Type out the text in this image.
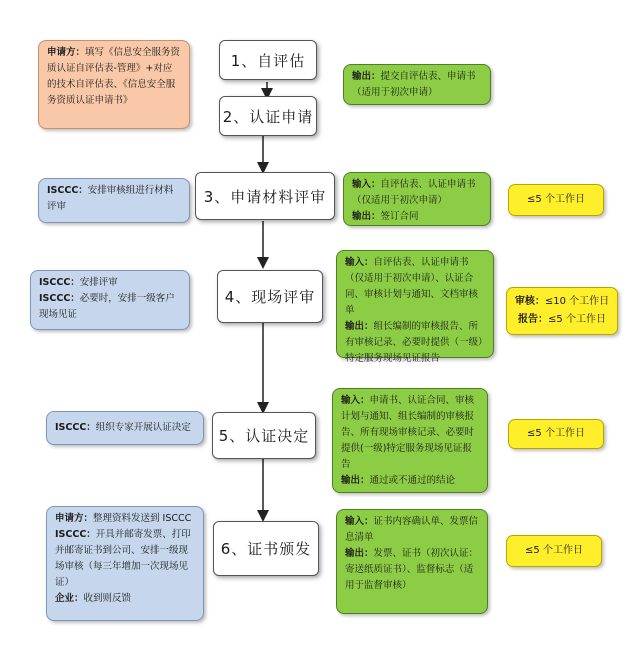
1、自评估
2、认证申请
3、申请材料评审
4、现场评审
5、认证决定
6、证书颁发
申请方：填写《信息安全服务资质认证自评估表-管理》+对应的技术自评估表、《信息安全服务资质认证申请书》
ISCCC：安排审核组进行材料评审
ISCCC：安排评审
ISCCC：必要时，安排一级客户现场见证
ISCCC：组织专家开展认证决定
申请方：整理资料发送到 ISCCC
ISCCC：开具并邮寄发票、打印并邮寄证书到公司、安排一级现场审核（每三年增加一次现场见证）
企业：收到则反馈
输出：提交自评估表、申请书（适用于初次申请）
输入：自评估表、认证申请书（仅适用于初次申请）
输出：签订合同
输入：自评估表、认证申请书（仅适用于初次申请）、认证合同、审核计划与通知、文档审核单
输出：组长编制的审核报告、所有审核记录、必要时提供（一级）特定服务现场见证报告
输入：申请书、认证合同、审核计划与通知、组长编制的审核报告、所有现场审核记录、必要时提供(一级)特定服务现场见证报告
输出：通过或不通过的结论
输入：证书内容确认单、发票信息清单
输出：发票、证书（初次认证：寄送纸质证书）、监督标志（适用于监督审核）
≤5 个工作日
审核：≤10 个工作日
报告：≤5 个工作日
≤5 个工作日
≤5 个工作日
